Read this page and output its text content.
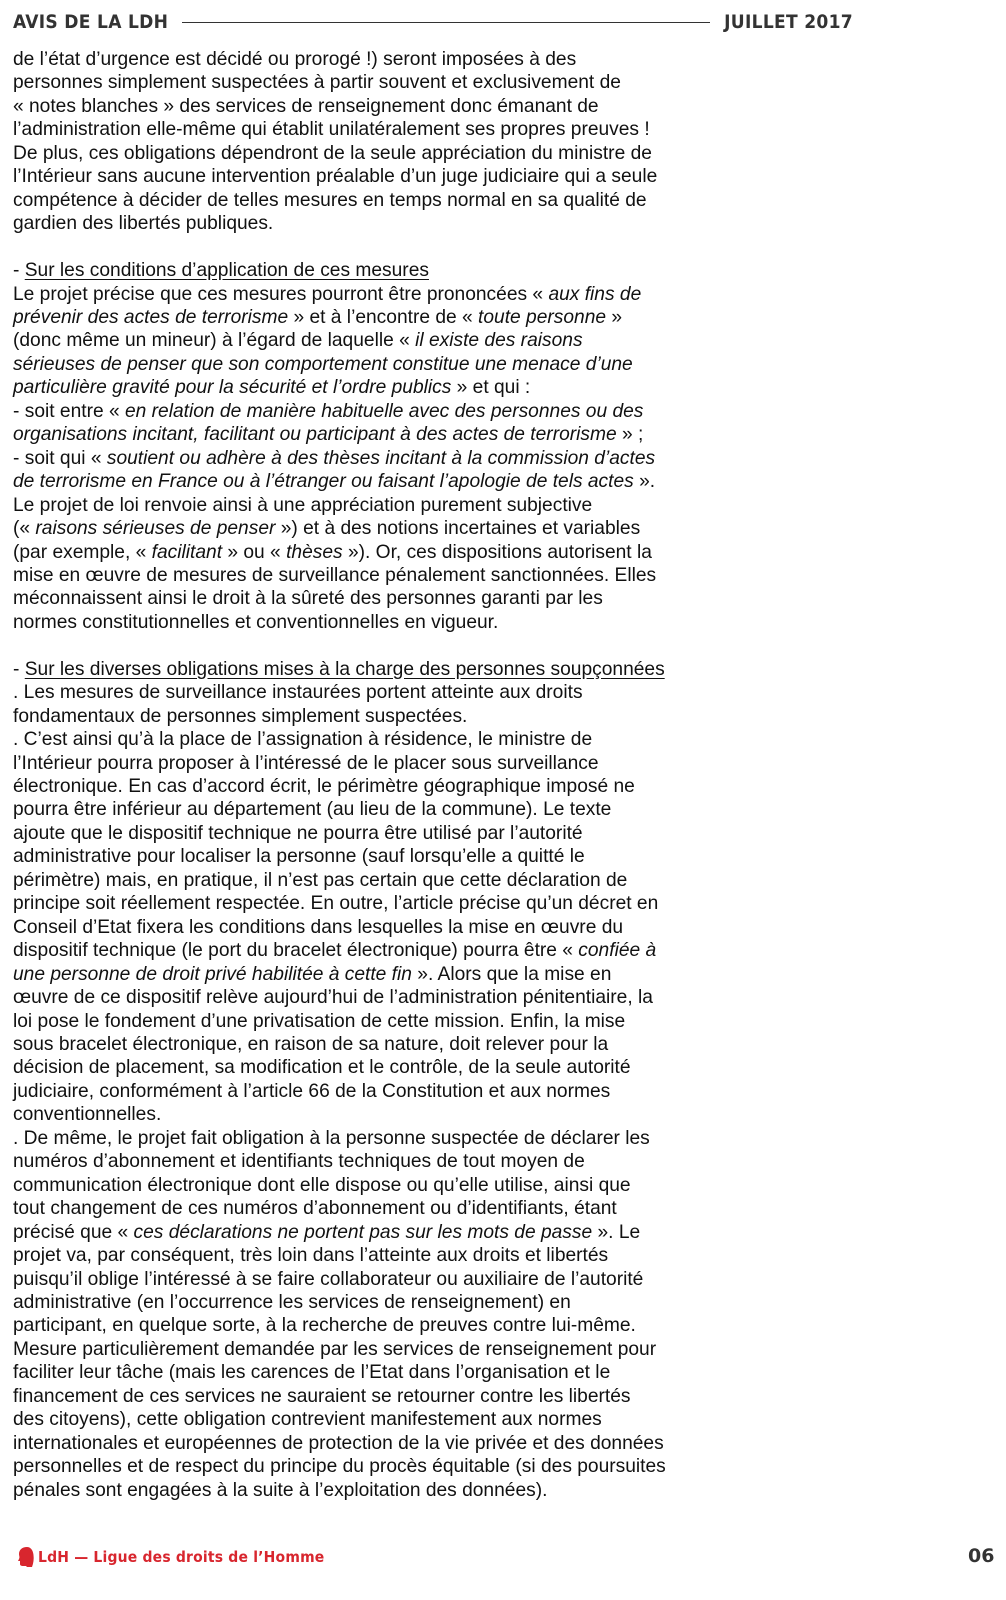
AVIS DE LA LDH	JUILLET 2017

de l’état d’urgence est décidé ou prorogé !) seront imposées à des

personnes simplement suspectées à partir souvent et exclusivement de

« notes blanches » des services de renseignement donc émanant de

l’administration elle-même qui établit unilatéralement ses propres preuves !

De plus, ces obligations dépendront de la seule appréciation du ministre de

l’Intérieur sans aucune intervention préalable d’un juge judiciaire qui a seule

compétence à décider de telles mesures en temps normal en sa qualité de

gardien des libertés publiques.

- Sur les conditions d’application de ces mesures

Le projet précise que ces mesures pourront être prononcées « aux fins de

prévenir des actes de terrorisme » et à l’encontre de « toute personne »

(donc même un mineur) à l’égard de laquelle « il existe des raisons

sérieuses de penser que son comportement constitue une menace d’une

particulière gravité pour la sécurité et l’ordre publics » et qui :

- soit entre « en relation de manière habituelle avec des personnes ou des

organisations incitant, facilitant ou participant à des actes de terrorisme » ;

- soit qui « soutient ou adhère à des thèses incitant à la commission d’actes

de terrorisme en France ou à l’étranger ou faisant l’apologie de tels actes ».

Le projet de loi renvoie ainsi à une appréciation purement subjective

(« raisons sérieuses de penser ») et à des notions incertaines et variables

(par exemple, « facilitant » ou « thèses »). Or, ces dispositions autorisent la

mise en œuvre de mesures de surveillance pénalement sanctionnées. Elles

méconnaissent ainsi le droit à la sûreté des personnes garanti par les

normes constitutionnelles et conventionnelles en vigueur.

- Sur les diverses obligations mises à la charge des personnes soupçonnées

. Les mesures de surveillance instaurées portent atteinte aux droits

fondamentaux de personnes simplement suspectées.

. C’est ainsi qu’à la place de l’assignation à résidence, le ministre de

l’Intérieur pourra proposer à l’intéressé de le placer sous surveillance

électronique. En cas d’accord écrit, le périmètre géographique imposé ne

pourra être inférieur au département (au lieu de la commune). Le texte

ajoute que le dispositif technique ne pourra être utilisé par l’autorité

administrative pour localiser la personne (sauf lorsqu’elle a quitté le

périmètre) mais, en pratique, il n’est pas certain que cette déclaration de

principe soit réellement respectée. En outre, l’article précise qu’un décret en

Conseil d’Etat fixera les conditions dans lesquelles la mise en œuvre du

dispositif technique (le port du bracelet électronique) pourra être « confiée à

une personne de droit privé habilitée à cette fin ». Alors que la mise en

œuvre de ce dispositif relève aujourd’hui de l’administration pénitentiaire, la

loi pose le fondement d’une privatisation de cette mission. Enfin, la mise

sous bracelet électronique, en raison de sa nature, doit relever pour la

décision de placement, sa modification et le contrôle, de la seule autorité

judiciaire, conformément à l’article 66 de la Constitution et aux normes

conventionnelles.

. De même, le projet fait obligation à la personne suspectée de déclarer les

numéros d’abonnement et identifiants techniques de tout moyen de

communication électronique dont elle dispose ou qu’elle utilise, ainsi que

tout changement de ces numéros d’abonnement ou d’identifiants, étant

précisé que « ces déclarations ne portent pas sur les mots de passe ». Le

projet va, par conséquent, très loin dans l’atteinte aux droits et libertés

puisqu’il oblige l’intéressé à se faire collaborateur ou auxiliaire de l’autorité

administrative (en l’occurrence les services de renseignement) en

participant, en quelque sorte, à la recherche de preuves contre lui-même.

Mesure particulièrement demandée par les services de renseignement pour

faciliter leur tâche (mais les carences de l’Etat dans l’organisation et le

financement de ces services ne sauraient se retourner contre les libertés

des citoyens), cette obligation contrevient manifestement aux normes

internationales et européennes de protection de la vie privée et des données

personnelles et de respect du principe du procès équitable (si des poursuites

pénales sont engagées à la suite à l’exploitation des données).

LdH — Ligue des droits de l’Homme	06
